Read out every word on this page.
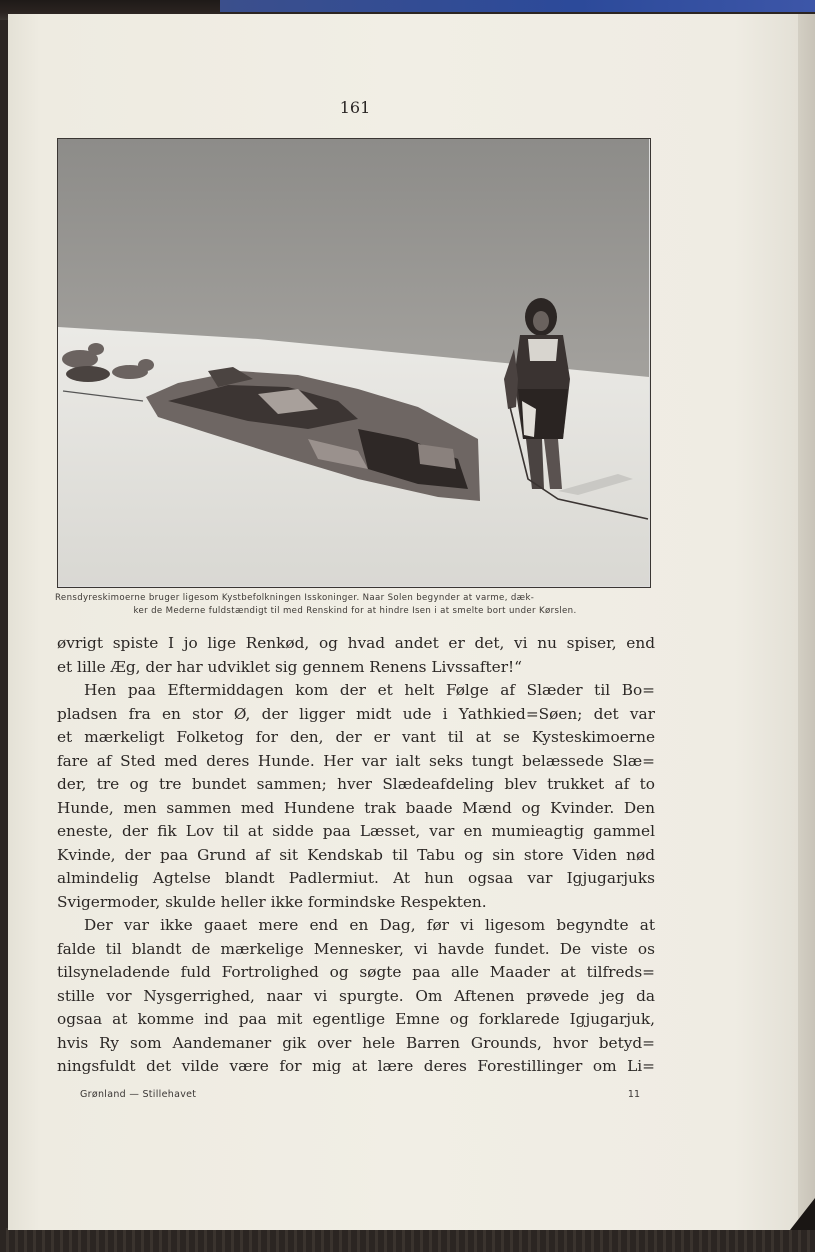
161
Rensdyreskimoerne bruger ligesom Kystbefolkningen Isskoninger. Naar Solen begynder at varme, dæk-
ker de Mederne fuldstændigt til med Renskind for at hindre Isen i at smelte bort under Kørslen.
øvrigt spiste I jo lige Renkød, og hvad andet er det, vi nu spiser, end
et lille Æg, der har udviklet sig gennem Renens Livssafter!“
Hen paa Eftermiddagen kom der et helt Følge af Slæder til Bo=
pladsen fra en stor Ø, der ligger midt ude i Yathkied=Søen; det var
et mærkeligt Folketog for den, der er vant til at se Kysteskimoerne
fare af Sted med deres Hunde. Her var ialt seks tungt belæssede Slæ=
der, tre og tre bundet sammen; hver Slædeafdeling blev trukket af to
Hunde, men sammen med Hundene trak baade Mænd og Kvinder. Den
eneste, der fik Lov til at sidde paa Læsset, var en mumieagtig gammel
Kvinde, der paa Grund af sit Kendskab til Tabu og sin store Viden nød
almindelig Agtelse blandt Padlermiut. At hun ogsaa var Igjugarjuks
Svigermoder, skulde heller ikke formindske Respekten.
Der var ikke gaaet mere end en Dag, før vi ligesom begyndte at
falde til blandt de mærkelige Mennesker, vi havde fundet. De viste os
tilsyneladende fuld Fortrolighed og søgte paa alle Maader at tilfreds=
stille vor Nysgerrighed, naar vi spurgte. Om Aftenen prøvede jeg da
ogsaa at komme ind paa mit egentlige Emne og forklarede Igjugarjuk,
hvis Ry som Aandemaner gik over hele Barren Grounds, hvor betyd=
ningsfuldt det vilde være for mig at lære deres Forestillinger om Li=
Grønland — Stillehavet	11
